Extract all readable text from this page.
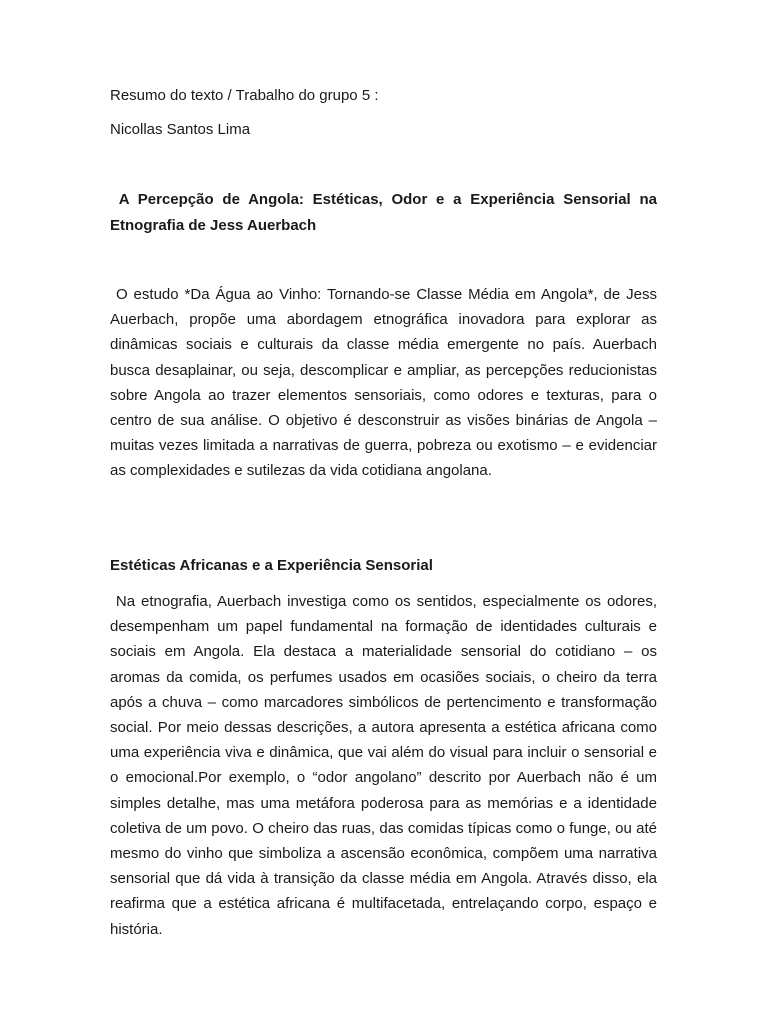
Resumo do texto / Trabalho do grupo 5 :

Nicollas Santos Lima

A Percepção de Angola: Estéticas, Odor e a Experiência Sensorial na Etnografia de Jess Auerbach

O estudo *Da Água ao Vinho: Tornando-se Classe Média em Angola*, de Jess Auerbach, propõe uma abordagem etnográfica inovadora para explorar as dinâmicas sociais e culturais da classe média emergente no país. Auerbach busca desaplainar, ou seja, descomplicar e ampliar, as percepções reducionistas sobre Angola ao trazer elementos sensoriais, como odores e texturas, para o centro de sua análise. O objetivo é desconstruir as visões binárias de Angola – muitas vezes limitada a narrativas de guerra, pobreza ou exotismo – e evidenciar as complexidades e sutilezas da vida cotidiana angolana.

Estéticas Africanas e a Experiência Sensorial

Na etnografia, Auerbach investiga como os sentidos, especialmente os odores, desempenham um papel fundamental na formação de identidades culturais e sociais em Angola. Ela destaca a materialidade sensorial do cotidiano – os aromas da comida, os perfumes usados em ocasiões sociais, o cheiro da terra após a chuva – como marcadores simbólicos de pertencimento e transformação social. Por meio dessas descrições, a autora apresenta a estética africana como uma experiência viva e dinâmica, que vai além do visual para incluir o sensorial e o emocional.Por exemplo, o “odor angolano” descrito por Auerbach não é um simples detalhe, mas uma metáfora poderosa para as memórias e a identidade coletiva de um povo. O cheiro das ruas, das comidas típicas como o funge, ou até mesmo do vinho que simboliza a ascensão econômica, compõem uma narrativa sensorial que dá vida à transição da classe média em Angola. Através disso, ela reafirma que a estética africana é multifacetada, entrelaçando corpo, espaço e história.
